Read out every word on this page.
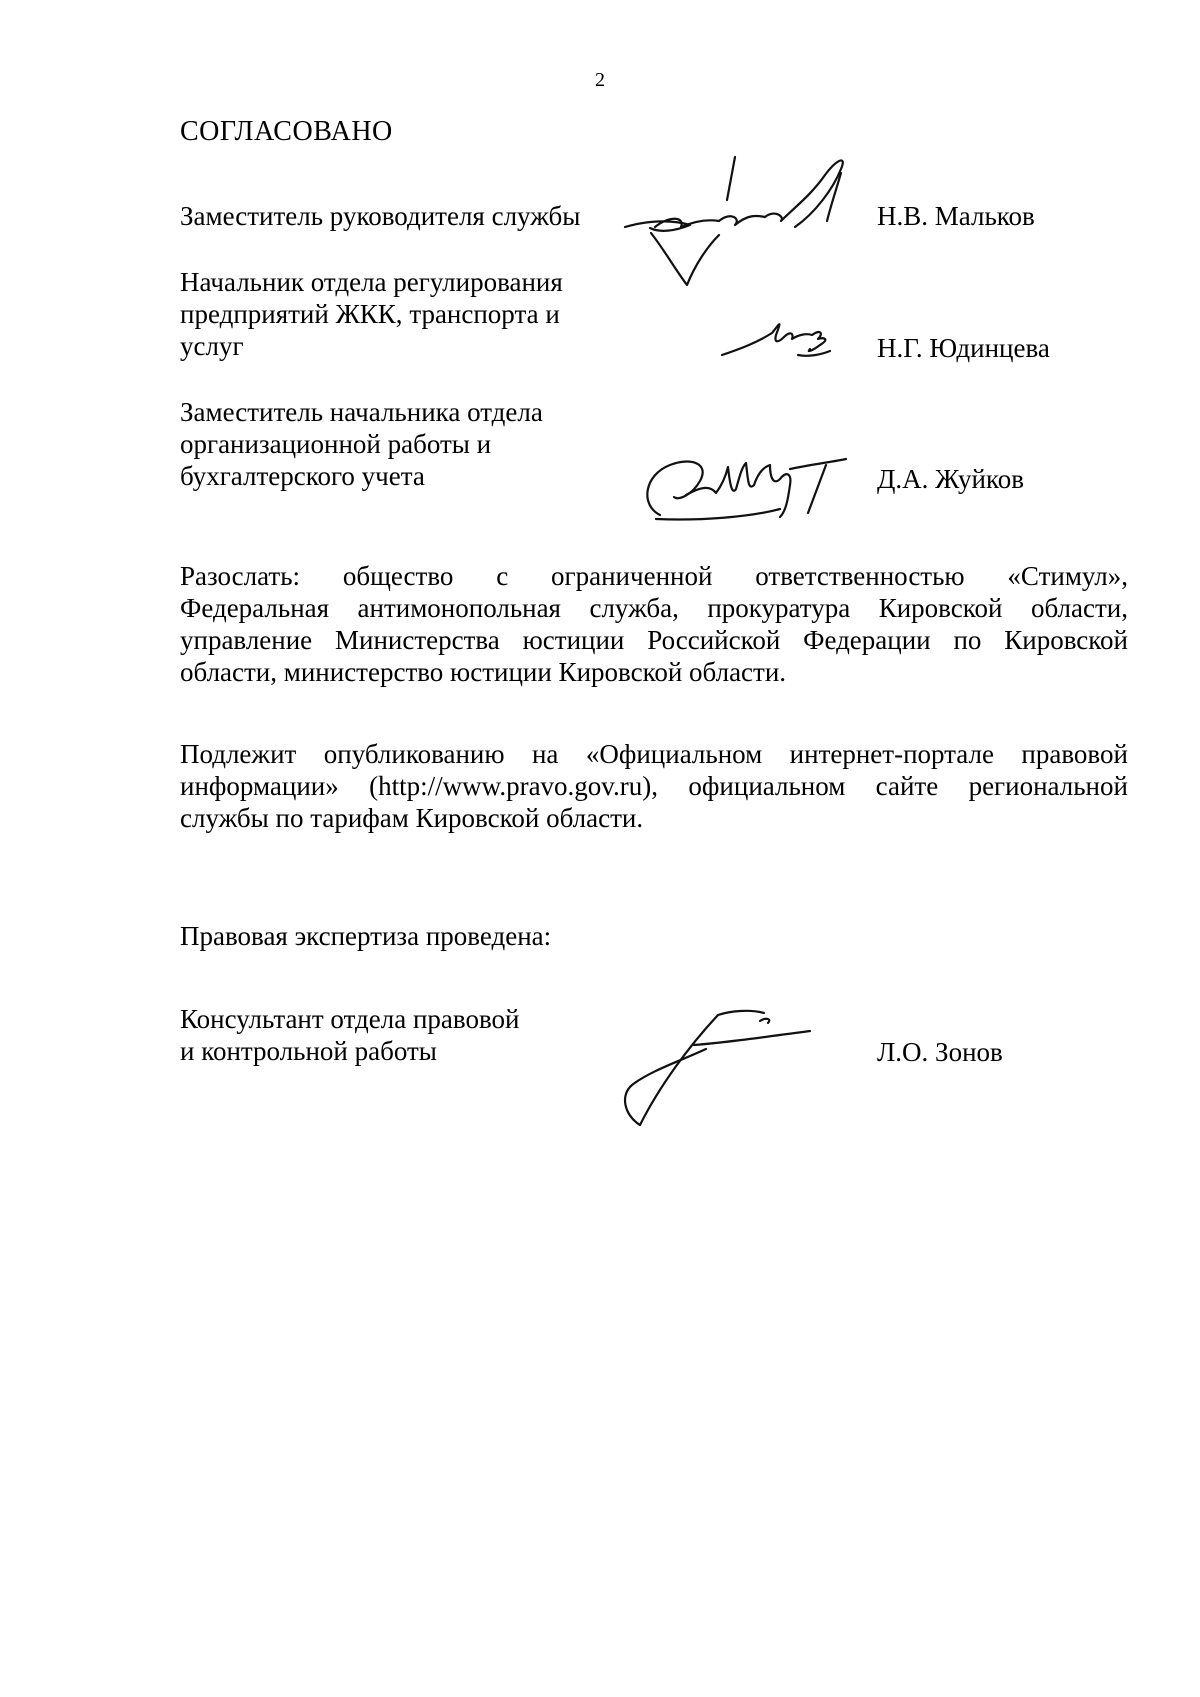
2
СОГЛАСОВАНО
Заместитель руководителя службы	Н.В. Мальков
Начальник отдела регулирования
предприятий ЖКК, транспорта и
услуг	Н.Г. Юдинцева
Заместитель начальника отдела
организационной работы и
бухгалтерского учета	Д.А. Жуйков
Разослать: общество с ограниченной ответственностью «Стимул»,
Федеральная антимонопольная служба, прокуратура Кировской области,
управление Министерства юстиции Российской Федерации по Кировской
области, министерство юстиции Кировской области.
Подлежит опубликованию на «Официальном интернет-портале правовой
информации» (http://www.pravo.gov.ru), официальном сайте региональной
службы по тарифам Кировской области.
Правовая экспертиза проведена:
Консультант отдела правовой
и контрольной работы	Л.О. Зонов
